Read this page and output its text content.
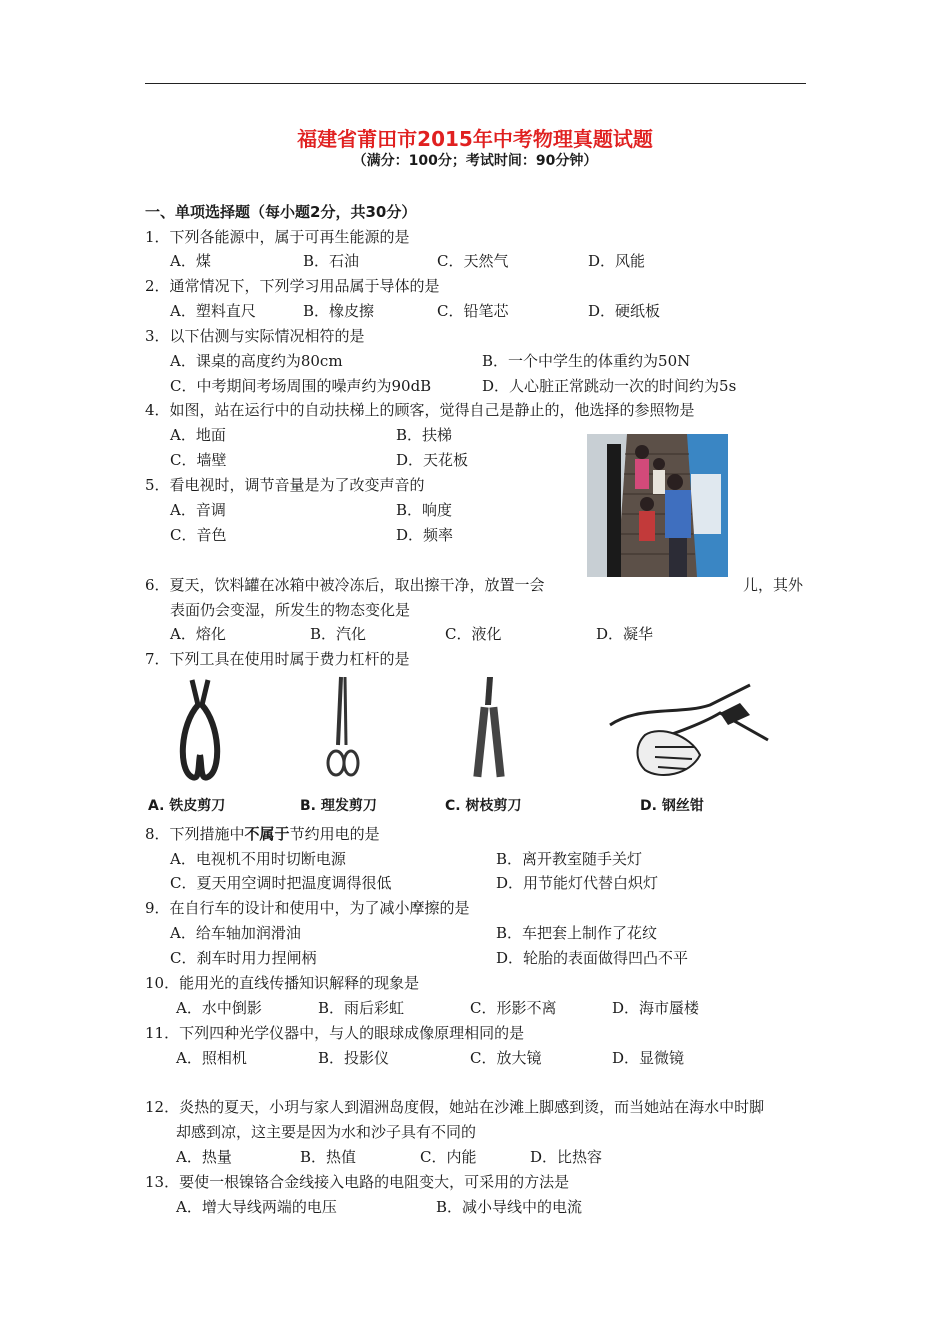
福建省莆田市2015年中考物理真题试题
（满分：100分；考试时间：90分钟）
一、单项选择题（每小题2分，共30分）
1．下列各能源中，属于可再生能源的是
A．煤	B．石油	C．天然气	D．风能
2．通常情况下，下列学习用品属于导体的是
A．塑料直尺	B．橡皮擦	C．铅笔芯	D．硬纸板
3．以下估测与实际情况相符的是
A．课桌的高度约为80cm	B．一个中学生的体重约为50N
C．中考期间考场周围的噪声约为90dB	D．人心脏正常跳动一次的时间约为5s
4．如图，站在运行中的自动扶梯上的顾客，觉得自己是静止的，他选择的参照物是
A．地面	B．扶梯
C．墙壁	D．天花板
5．看电视时，调节音量是为了改变声音的
A．音调	B．响度
C．音色	D．频率
6．夏天，饮料罐在冰箱中被冷冻后，取出擦干净，放置一会	儿，其外
表面仍会变湿，所发生的物态变化是
A．熔化	B．汽化	C．液化	D．凝华
7．下列工具在使用时属于费力杠杆的是
A. 铁皮剪刀	B. 理发剪刀	C. 树枝剪刀	D. 钢丝钳
8．下列措施中不属于节约用电的是
A．电视机不用时切断电源	B．离开教室随手关灯
C．夏天用空调时把温度调得很低	D．用节能灯代替白炽灯
9．在自行车的设计和使用中，为了减小摩擦的是
A．给车轴加润滑油	B．车把套上制作了花纹
C．刹车时用力捏闸柄	D．轮胎的表面做得凹凸不平
10．能用光的直线传播知识解释的现象是
A．水中倒影	B．雨后彩虹	C．形影不离	D．海市蜃楼
11．下列四种光学仪器中，与人的眼球成像原理相同的是
A．照相机	B．投影仪	C．放大镜	D．显微镜
12．炎热的夏天，小玥与家人到湄洲岛度假，她站在沙滩上脚感到烫，而当她站在海水中时脚
却感到凉，这主要是因为水和沙子具有不同的
A．热量	B．热值	C．内能	D．比热容
13．要使一根镍铬合金线接入电路的电阻变大，可采用的方法是
A．增大导线两端的电压	B．减小导线中的电流
